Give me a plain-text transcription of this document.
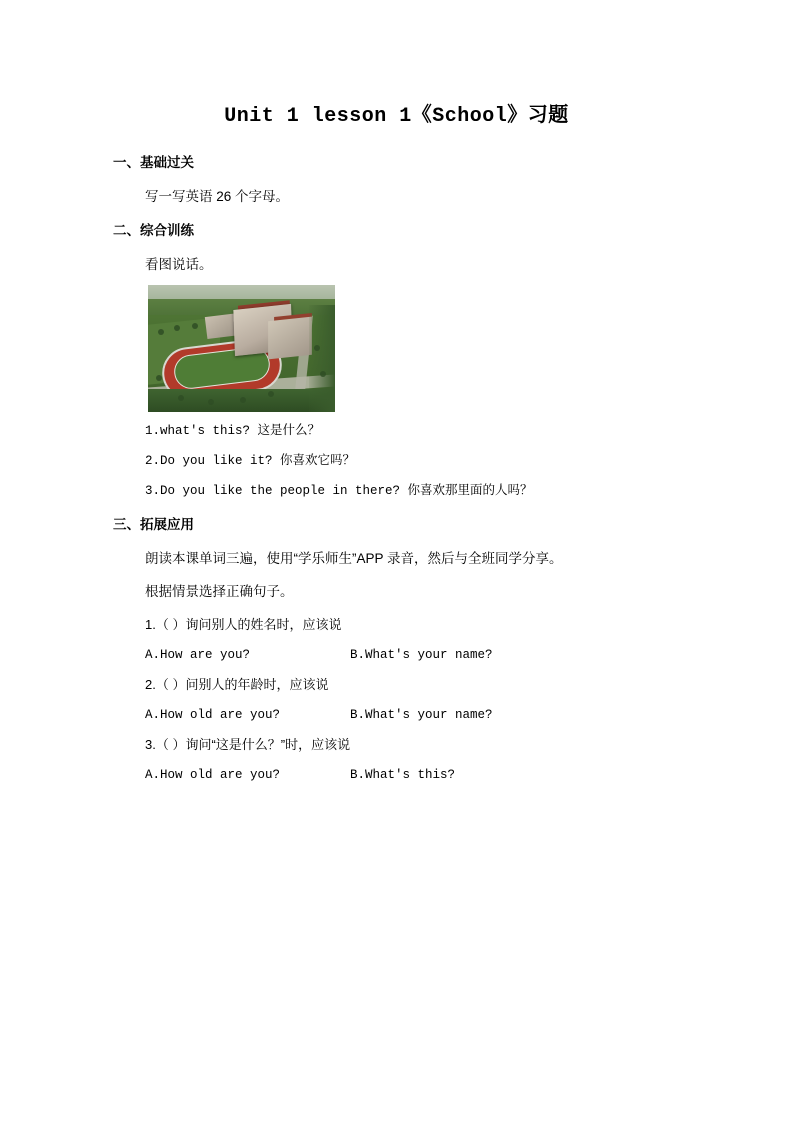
Unit 1 lesson 1《School》习题
一、基础过关
写一写英语 26 个字母。
二、综合训练
看图说话。
1.what's this? 这是什么？
2.Do you like it? 你喜欢它吗？
3.Do you like the people in there? 你喜欢那里面的人吗？
三、拓展应用
朗读本课单词三遍，使用“学乐师生”APP 录音，然后与全班同学分享。
根据情景选择正确句子。
1.（ ）询问别人的姓名时，应该说
A.How are you?	B.What's your name?
2.（ ）问别人的年龄时，应该说
A.How old are you?	B.What's your name?
3.（ ）询问“这是什么？”时，应该说
A.How old are you?	B.What's this?
